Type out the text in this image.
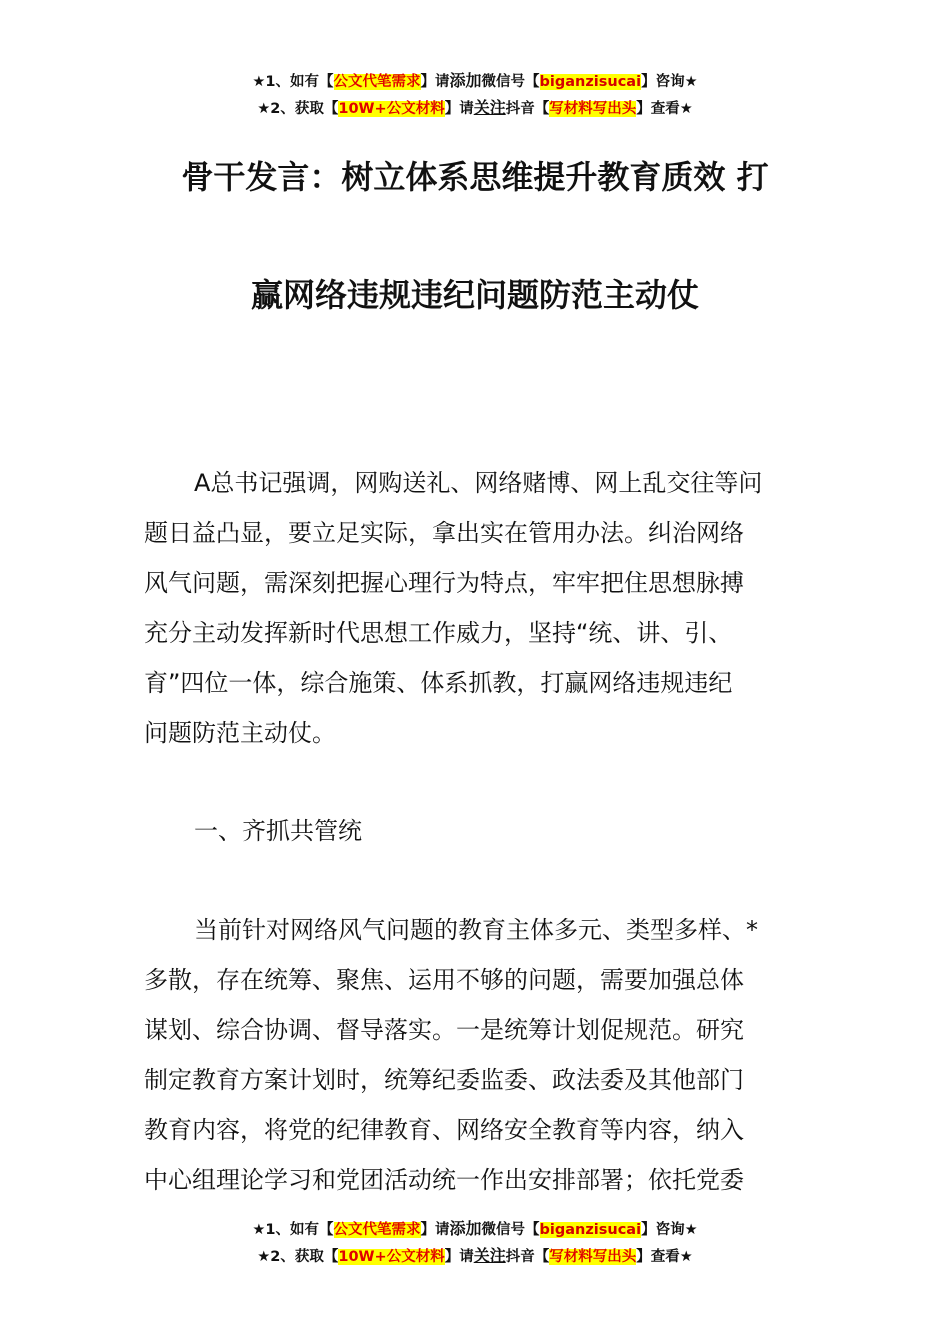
★1、如有【公文代笔需求】请添加微信号【biganzisucai】咨询★
★2、获取【10W+公文材料】请关注抖音【写材料写出头】查看★
骨干发言：树立体系思维提升教育质效 打
赢网络违规违纪问题防范主动仗
A总书记强调，网购送礼、网络赌博、网上乱交往等问
题日益凸显，要立足实际，拿出实在管用办法。纠治网络
风气问题，需深刻把握心理行为特点，牢牢把住思想脉搏
充分主动发挥新时代思想工作威力，坚持“统、讲、引、
育”四位一体，综合施策、体系抓教，打赢网络违规违纪
问题防范主动仗。
一、齐抓共管统
当前针对网络风气问题的教育主体多元、类型多样、*
多散，存在统筹、聚焦、运用不够的问题，需要加强总体
谋划、综合协调、督导落实。一是统筹计划促规范。研究
制定教育方案计划时，统筹纪委监委、政法委及其他部门
教育内容，将党的纪律教育、网络安全教育等内容，纳入
中心组理论学习和党团活动统一作出安排部署；依托党委
★1、如有【公文代笔需求】请添加微信号【biganzisucai】咨询★
★2、获取【10W+公文材料】请关注抖音【写材料写出头】查看★
